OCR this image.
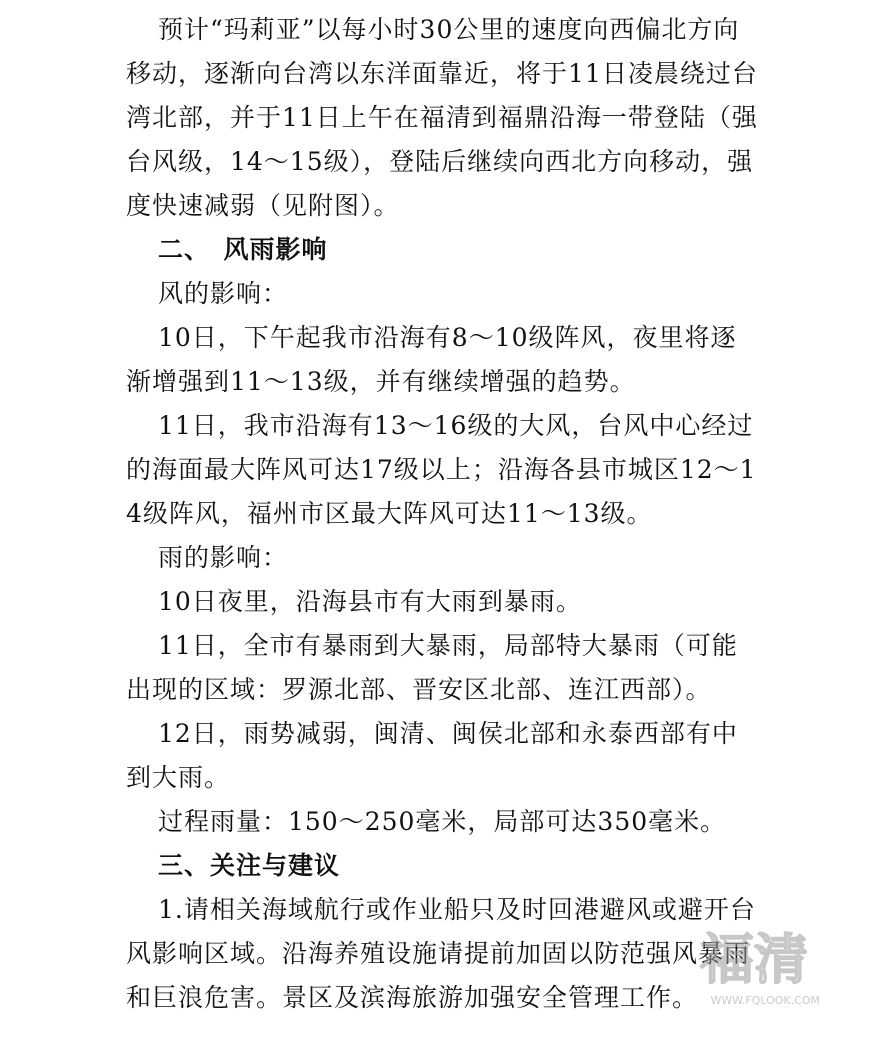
预计“玛莉亚”以每小时30公里的速度向西偏北方向移动，逐渐向台湾以东洋面靠近，将于11日凌晨绕过台湾北部，并于11日上午在福清到福鼎沿海一带登陆（强台风级，14～15级），登陆后继续向西北方向移动，强度快速减弱（见附图）。

二、　风雨影响

风的影响：

10日，下午起我市沿海有8～10级阵风，夜里将逐渐增强到11～13级，并有继续增强的趋势。

11日，我市沿海有13～16级的大风，台风中心经过的海面最大阵风可达17级以上；沿海各县市城区12～14级阵风，福州市区最大阵风可达11～13级。

雨的影响：

10日夜里，沿海县市有大雨到暴雨。

11日，全市有暴雨到大暴雨，局部特大暴雨（可能出现的区域：罗源北部、晋安区北部、连江西部）。

12日，雨势减弱，闽清、闽侯北部和永泰西部有中到大雨。

过程雨量：150～250毫米，局部可达350毫米。

三、关注与建议

1.请相关海域航行或作业船只及时回港避风或避开台风影响区域。沿海养殖设施请提前加固以防范强风暴雨和巨浪危害。景区及滨海旅游加强安全管理工作。

福清
WWW.FQLOOK.COM
